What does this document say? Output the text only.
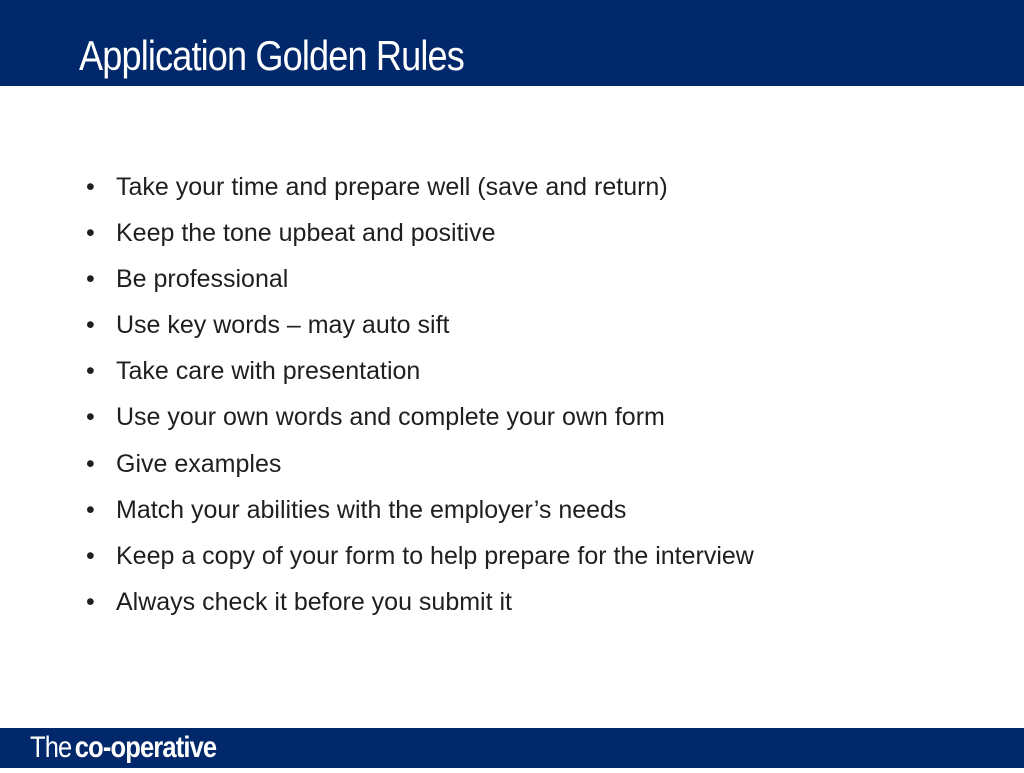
Application Golden Rules
• Take your time and prepare well (save and return)
• Keep the tone upbeat and positive
• Be professional
• Use key words – may auto sift
• Take care with presentation
• Use your own words and complete your own form
• Give examples
• Match your abilities with the employer’s needs
• Keep a copy of your form to help prepare for the interview
• Always check it before you submit it
The co-operative
